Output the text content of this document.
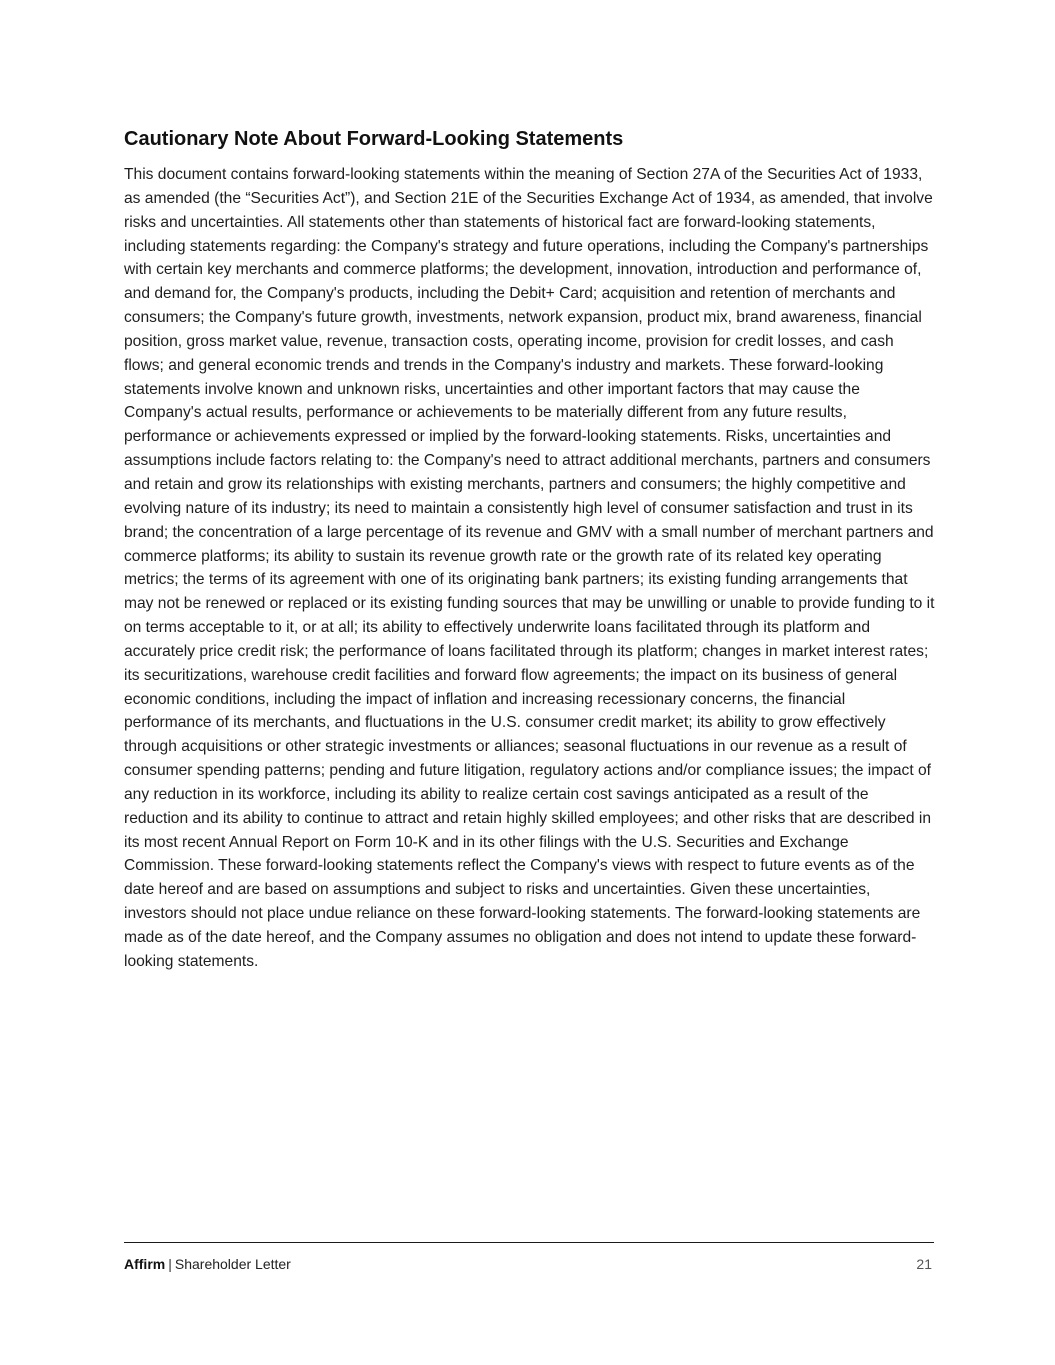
Cautionary Note About Forward-Looking Statements

This document contains forward-looking statements within the meaning of Section 27A of the Securities Act of 1933, as amended (the “Securities Act”), and Section 21E of the Securities Exchange Act of 1934, as amended, that involve risks and uncertainties. All statements other than statements of historical fact are forward-looking statements, including statements regarding: the Company's strategy and future operations, including the Company's partnerships with certain key merchants and commerce platforms; the development, innovation, introduction and performance of, and demand for, the Company's products, including the Debit+ Card; acquisition and retention of merchants and consumers; the Company's future growth, investments, network expansion, product mix, brand awareness, financial position, gross market value, revenue, transaction costs, operating income, provision for credit losses, and cash flows; and general economic trends and trends in the Company's industry and markets. These forward-looking statements involve known and unknown risks, uncertainties and other important factors that may cause the Company's actual results, performance or achievements to be materially different from any future results, performance or achievements expressed or implied by the forward-looking statements. Risks, uncertainties and assumptions include factors relating to: the Company's need to attract additional merchants, partners and consumers and retain and grow its relationships with existing merchants, partners and consumers; the highly competitive and evolving nature of its industry; its need to maintain a consistently high level of consumer satisfaction and trust in its brand; the concentration of a large percentage of its revenue and GMV with a small number of merchant partners and commerce platforms; its ability to sustain its revenue growth rate or the growth rate of its related key operating metrics; the terms of its agreement with one of its originating bank partners; its existing funding arrangements that may not be renewed or replaced or its existing funding sources that may be unwilling or unable to provide funding to it on terms acceptable to it, or at all; its ability to effectively underwrite loans facilitated through its platform and accurately price credit risk; the performance of loans facilitated through its platform; changes in market interest rates; its securitizations, warehouse credit facilities and forward flow agreements; the impact on its business of general economic conditions, including the impact of inflation and increasing recessionary concerns, the financial performance of its merchants, and fluctuations in the U.S. consumer credit market; its ability to grow effectively through acquisitions or other strategic investments or alliances; seasonal fluctuations in our revenue as a result of consumer spending patterns; pending and future litigation, regulatory actions and/or compliance issues; the impact of any reduction in its workforce, including its ability to realize certain cost savings anticipated as a result of the reduction and its ability to continue to attract and retain highly skilled employees; and other risks that are described in its most recent Annual Report on Form 10-K and in its other filings with the U.S. Securities and Exchange Commission. These forward-looking statements reflect the Company's views with respect to future events as of the date hereof and are based on assumptions and subject to risks and uncertainties. Given these uncertainties, investors should not place undue reliance on these forward-looking statements. The forward-looking statements are made as of the date hereof, and the Company assumes no obligation and does not intend to update these forward-looking statements.

Affirm | Shareholder Letter	21
